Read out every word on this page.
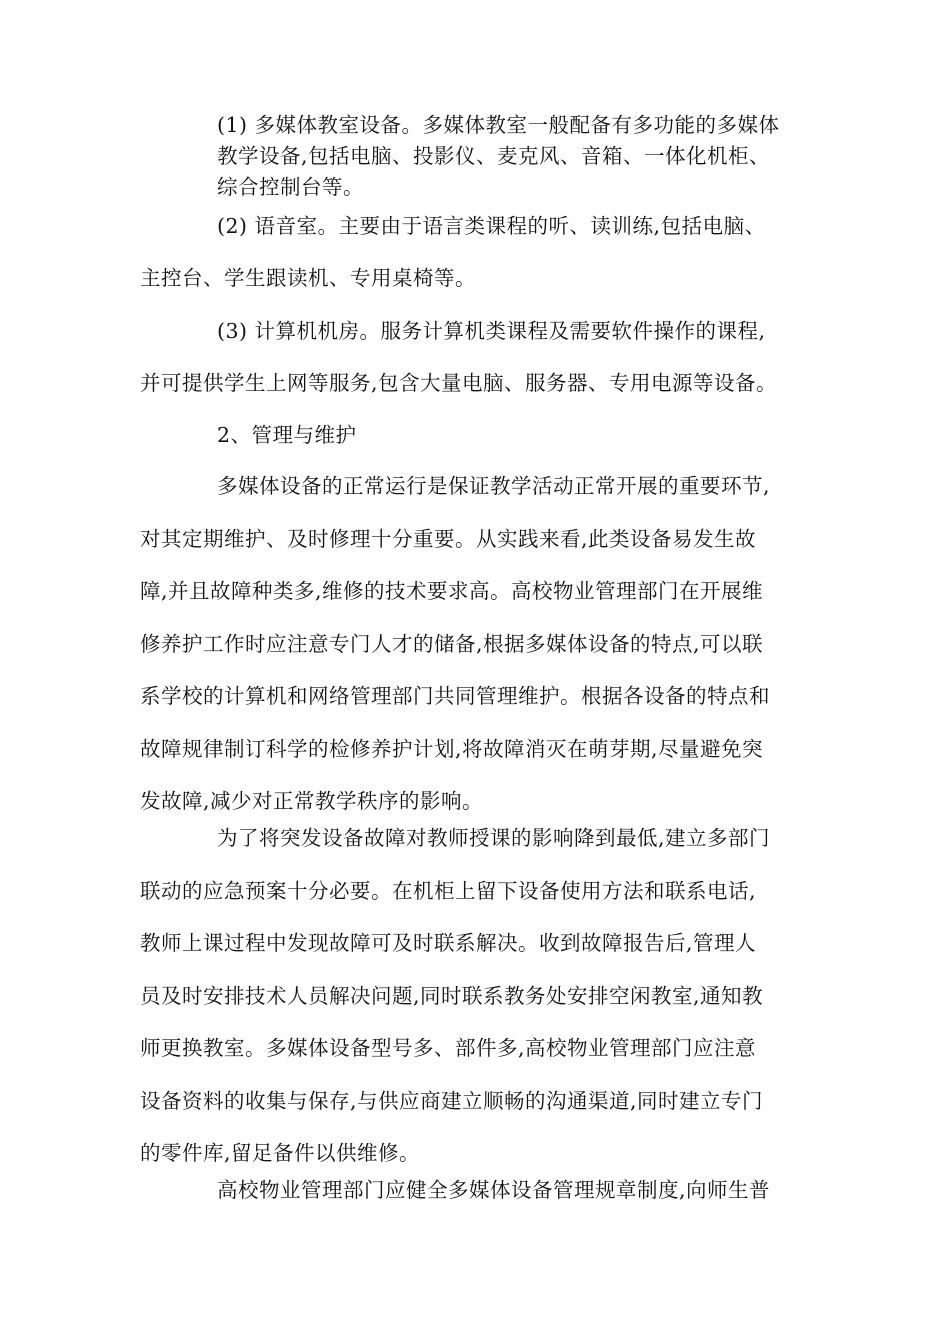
(1) 多媒体教室设备。多媒体教室一般配备有多功能的多媒体
教学设备,包括电脑、投影仪、麦克风、音箱、一体化机柜、
综合控制台等。
(2) 语音室。主要由于语言类课程的听、读训练,包括电脑、
主控台、学生跟读机、专用桌椅等。
(3) 计算机机房。服务计算机类课程及需要软件操作的课程,
并可提供学生上网等服务,包含大量电脑、服务器、专用电源等设备。
2、管理与维护
多媒体设备的正常运行是保证教学活动正常开展的重要环节,
对其定期维护、及时修理十分重要。从实践来看,此类设备易发生故
障,并且故障种类多,维修的技术要求高。高校物业管理部门在开展维
修养护工作时应注意专门人才的储备,根据多媒体设备的特点,可以联
系学校的计算机和网络管理部门共同管理维护。根据各设备的特点和
故障规律制订科学的检修养护计划,将故障消灭在萌芽期,尽量避免突
发故障,减少对正常教学秩序的影响。
为了将突发设备故障对教师授课的影响降到最低,建立多部门
联动的应急预案十分必要。在机柜上留下设备使用方法和联系电话,
教师上课过程中发现故障可及时联系解决。收到故障报告后,管理人
员及时安排技术人员解决问题,同时联系教务处安排空闲教室,通知教
师更换教室。多媒体设备型号多、部件多,高校物业管理部门应注意
设备资料的收集与保存,与供应商建立顺畅的沟通渠道,同时建立专门
的零件库,留足备件以供维修。
高校物业管理部门应健全多媒体设备管理规章制度,向师生普
